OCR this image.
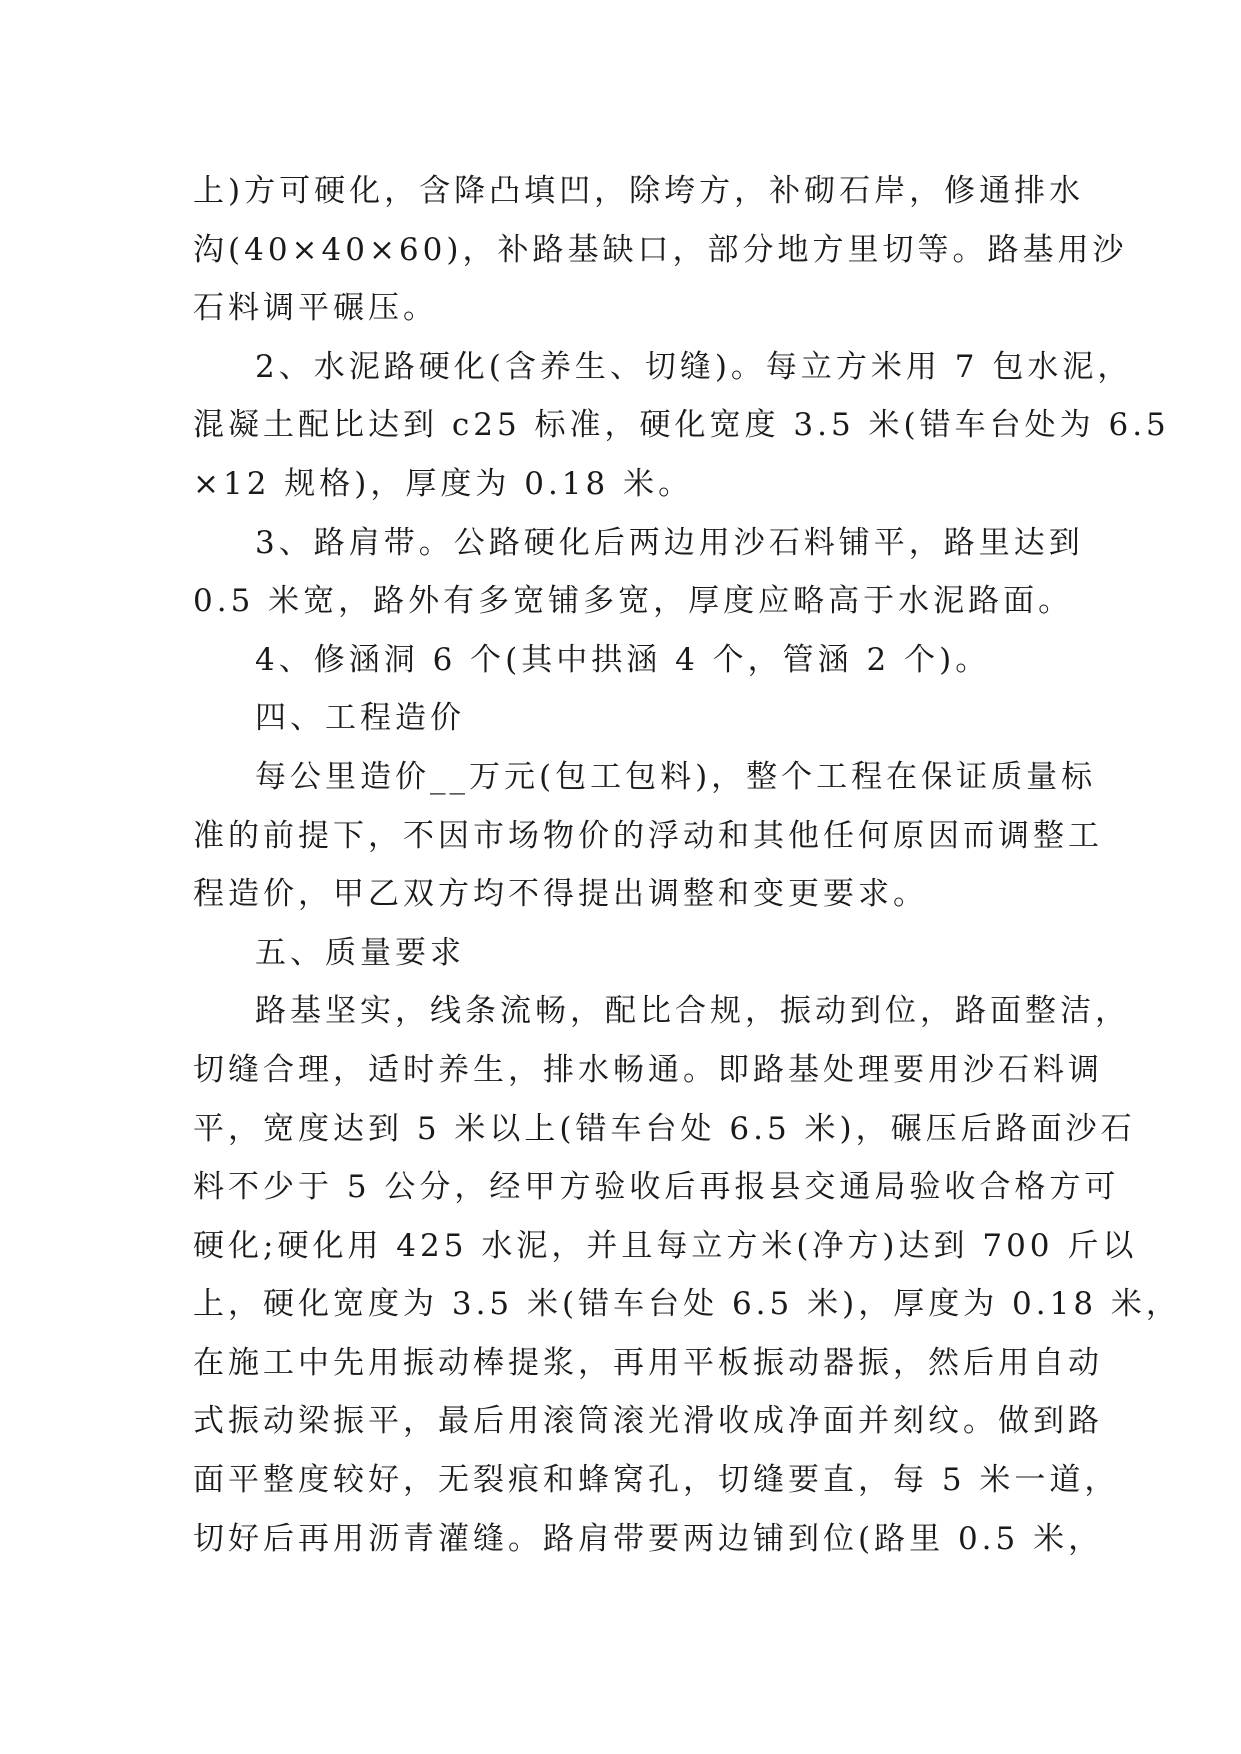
上)方可硬化，含降凸填凹，除垮方，补砌石岸，修通排水
沟(40×40×60)，补路基缺口，部分地方里切等。路基用沙
石料调平碾压。
2、水泥路硬化(含养生、切缝)。每立方米用 7 包水泥，
混凝土配比达到 c25 标准，硬化宽度 3.5 米(错车台处为 6.5
×12 规格)，厚度为 0.18 米。
3、路肩带。公路硬化后两边用沙石料铺平，路里达到
0.5 米宽，路外有多宽铺多宽，厚度应略高于水泥路面。
4、修涵洞 6 个(其中拱涵 4 个，管涵 2 个)。
四、工程造价
每公里造价__万元(包工包料)，整个工程在保证质量标
准的前提下，不因市场物价的浮动和其他任何原因而调整工
程造价，甲乙双方均不得提出调整和变更要求。
五、质量要求
路基坚实，线条流畅，配比合规，振动到位，路面整洁，
切缝合理，适时养生，排水畅通。即路基处理要用沙石料调
平，宽度达到 5 米以上(错车台处 6.5 米)，碾压后路面沙石
料不少于 5 公分，经甲方验收后再报县交通局验收合格方可
硬化;硬化用 425 水泥，并且每立方米(净方)达到 700 斤以
上，硬化宽度为 3.5 米(错车台处 6.5 米)，厚度为 0.18 米，
在施工中先用振动棒提浆，再用平板振动器振，然后用自动
式振动梁振平，最后用滚筒滚光滑收成净面并刻纹。做到路
面平整度较好，无裂痕和蜂窝孔，切缝要直，每 5 米一道，
切好后再用沥青灌缝。路肩带要两边铺到位(路里 0.5 米，
